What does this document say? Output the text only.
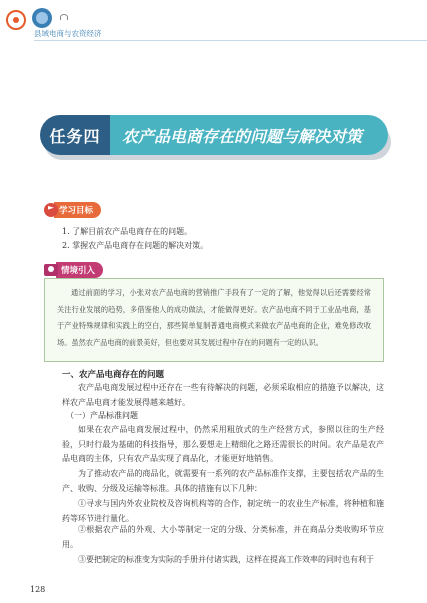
县域电商与农资经济
任务四 农产品电商存在的问题与解决对策
学习目标
1. 了解目前农产品电商存在的问题。
2. 掌握农产品电商存在问题的解决对策。
情境引入
通过前面的学习，小张对农产品电商的营销推广手段有了一定的了解，他觉得以后还需要经常关注行业发展的趋势，多借鉴他人的成功做法，才能做得更好。农产品电商不同于工业品电商，基于产业特殊规律和实践上的空白，那些简单复制普通电商模式来做农产品电商的企业，难免修改收场。虽然农产品电商的前景美好，但也要对其发展过程中存在的问题有一定的认识。
一、农产品电商存在的问题
农产品电商发展过程中还存在一些有待解决的问题，必须采取相应的措施予以解决，这样农产品电商才能发展得越来越好。
（一）产品标准问题
如果在农产品电商发展过程中，仍然采用粗放式的生产经营方式，参照以往的生产经验，只时行最为基础的科技指导，那么要想走上精细化之路还需很长的时间。农产品是农产品电商的主体，只有农产品实现了商品化，才能更好地销售。
为了推动农产品的商品化，就需要有一系列的农产品标准作支撑，主要包括农产品的生产、收购、分级及运输等标准。具体的措施有以下几种：
①寻求与国内外农业院校及咨询机构等的合作，制定统一的农业生产标准，将种植和施药等环节进行量化。
②根据农产品的外观、大小等制定一定的分级、分类标准，并在商品分类收购环节应用。
③要把制定的标准变为实际的手册并付诸实践，这样在提高工作效率的同时也有利于
128
